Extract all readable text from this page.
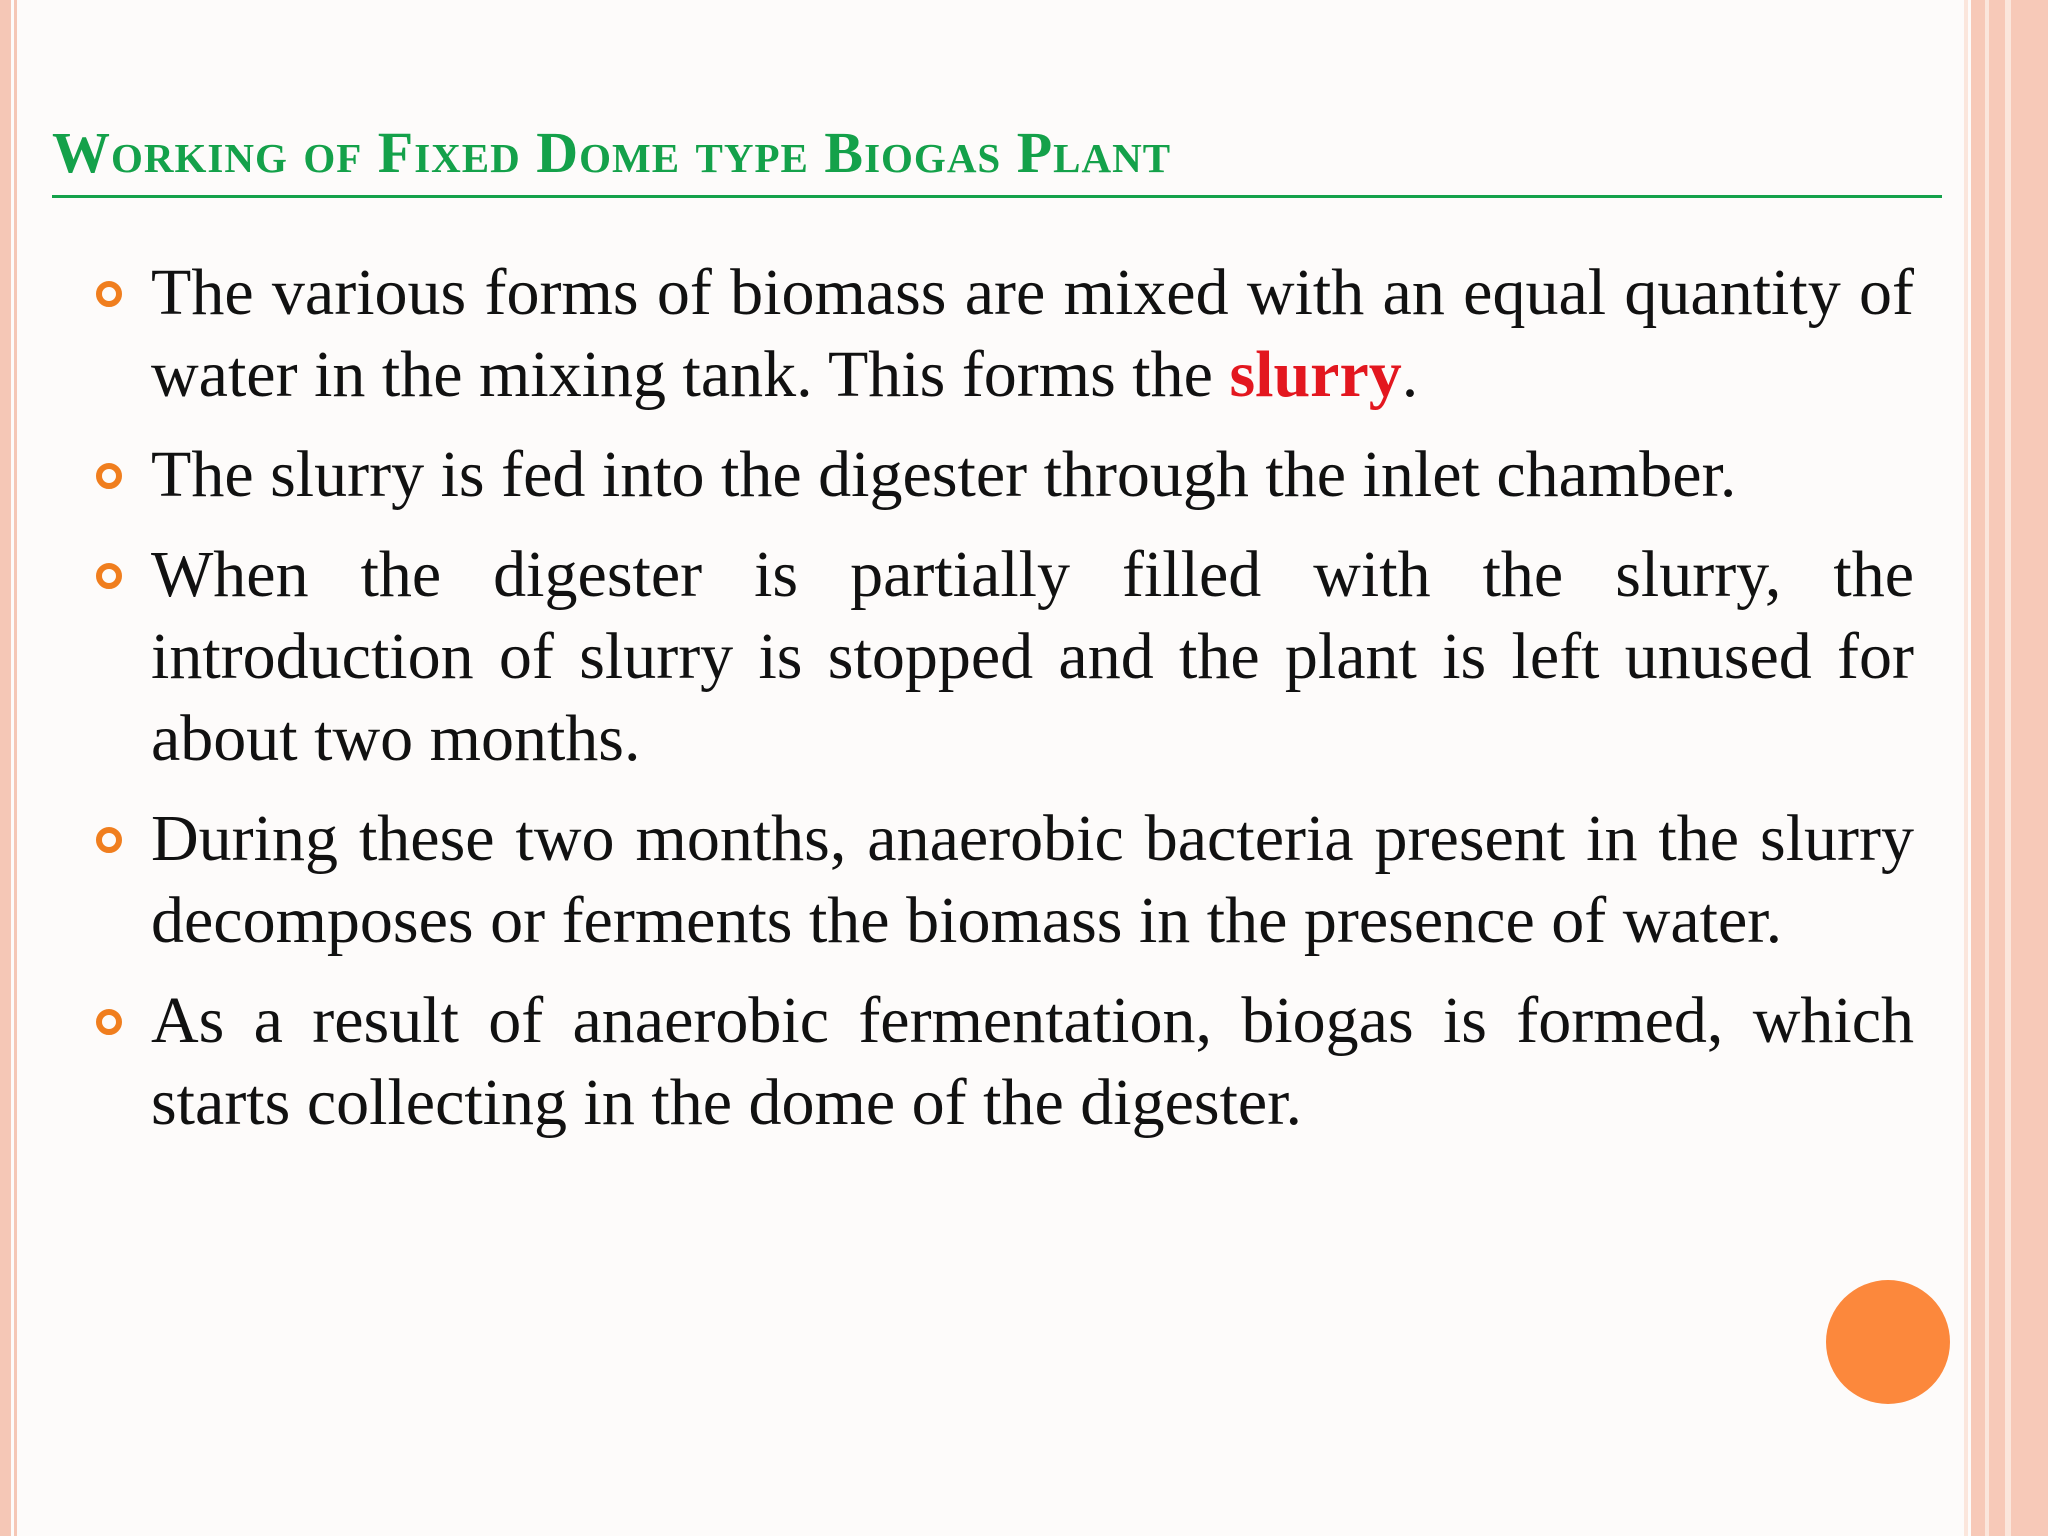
Working of Fixed Dome type Biogas Plant
The various forms of biomass are mixed with an equal quantity of water in the mixing tank. This forms the slurry.
The slurry is fed into the digester through the inlet chamber.
When the digester is partially filled with the slurry, the introduction of slurry is stopped and the plant is left unused for about two months.
During these two months, anaerobic bacteria present in the slurry decomposes or ferments the biomass in the presence of water.
As a result of anaerobic fermentation, biogas is formed, which starts collecting in the dome of the digester.
